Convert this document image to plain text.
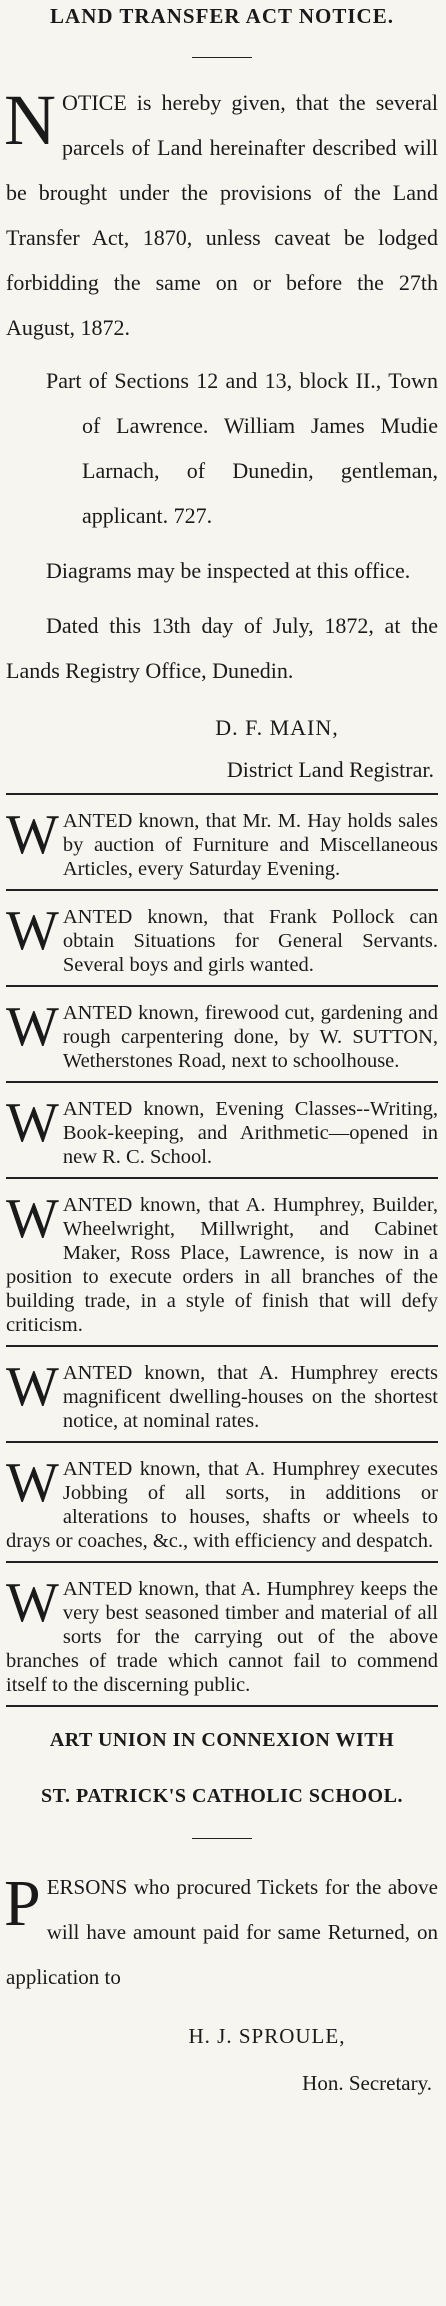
LAND TRANSFER ACT NOTICE.

NOTICE is hereby given, that the several parcels of Land hereinafter described will be brought under the provisions of the Land Transfer Act, 1870, unless caveat be lodged forbidding the same on or before the 27th August, 1872.

Part of Sections 12 and 13, block II., Town of Lawrence. William James Mudie Larnach, of Dunedin, gentleman, applicant. 727.

Diagrams may be inspected at this office.

Dated this 13th day of July, 1872, at the Lands Registry Office, Dunedin.

D. F. MAIN,
District Land Registrar.
W ANTED known, that Mr. M. Hay holds sales by auction of Furniture and Miscellaneous Articles, every Saturday Evening.

W ANTED known, that Frank Pollock can obtain Situations for General Servants. Several boys and girls wanted.

W ANTED known, firewood cut, gardening and rough carpentering done, by W. SUTTON, Wetherstones Road, next to schoolhouse.

W ANTED known, Evening Classes--Writing, Book-keeping, and Arithmetic—opened in new R. C. School.

W ANTED known, that A. Humphrey, Builder, Wheelwright, Millwright, and Cabinet Maker, Ross Place, Lawrence, is now in a position to execute orders in all branches of the building trade, in a style of finish that will defy criticism.

W ANTED known, that A. Humphrey erects magnificent dwelling-houses on the shortest notice, at nominal rates.

W ANTED known, that A. Humphrey executes Jobbing of all sorts, in additions or alterations to houses, shafts or wheels to drays or coaches, &c., with efficiency and despatch.

W ANTED known, that A. Humphrey keeps the very best seasoned timber and material of all sorts for the carrying out of the above branches of trade which cannot fail to commend itself to the discerning public.

ART UNION IN CONNEXION WITH
ST. PATRICK'S CATHOLIC SCHOOL.

PERSONS who procured Tickets for the above will have amount paid for same Returned, on application to

H. J. SPROULE,
Hon. Secretary.
